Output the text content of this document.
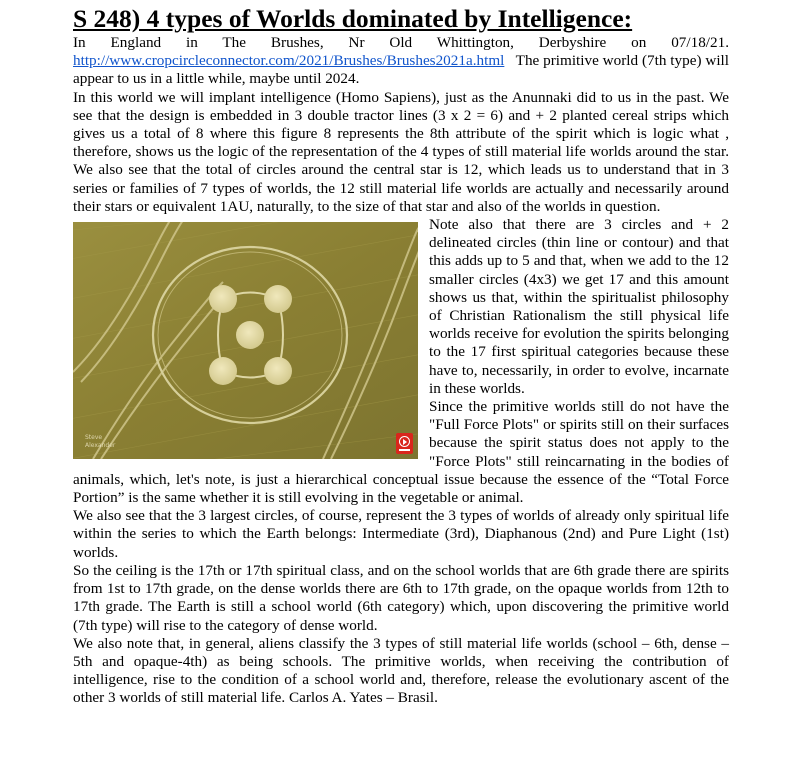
S 248) 4 types of Worlds dominated by Intelligence:

In England in The Brushes, Nr Old Whittington, Derbyshire on 07/18/21. http://www.cropcircleconnector.com/2021/Brushes/Brushes2021a.html The primitive world (7th type) will appear to us in a little while, maybe until 2024.

In this world we will implant intelligence (Homo Sapiens), just as the Anunnaki did to us in the past. We see that the design is embedded in 3 double tractor lines (3 x 2 = 6) and + 2 planted cereal strips which gives us a total of 8 where this figure 8 represents the 8th attribute of the spirit which is logic what , therefore, shows us the logic of the representation of the 4 types of still material life worlds around the star. We also see that the total of circles around the central star is 12, which leads us to understand that in 3 series or families of 7 types of worlds, the 12 still material life worlds are actually and necessarily around their stars or equivalent 1AU, naturally, to the size of that star and also of the worlds in question.

Steve
Alexander

Note also that there are 3 circles and + 2 delineated circles (thin line or contour) and that this adds up to 5 and that, when we add to the 12 smaller circles (4x3) we get 17 and this amount shows us that, within the spiritualist philosophy of Christian Rationalism the still physical life worlds receive for evolution the spirits belonging to the 17 first spiritual categories because these have to, necessarily, in order to evolve, incarnate in these worlds.

Since the primitive worlds still do not have the "Full Force Plots" or spirits still on their surfaces because the spirit status does not apply to the "Force Plots" still reincarnating in the bodies of animals, which, let's note, is just a hierarchical conceptual issue because the essence of the “Total Force Portion” is the same whether it is still evolving in the vegetable or animal.

We also see that the 3 largest circles, of course, represent the 3 types of worlds of already only spiritual life within the series to which the Earth belongs: Intermediate (3rd), Diaphanous (2nd) and Pure Light (1st) worlds.

So the ceiling is the 17th or 17th spiritual class, and on the school worlds that are 6th grade there are spirits from 1st to 17th grade, on the dense worlds there are 6th to 17th grade, on the opaque worlds from 12th to 17th grade. The Earth is still a school world (6th category) which, upon discovering the primitive world (7th type) will rise to the category of dense world.

We also note that, in general, aliens classify the 3 types of still material life worlds (school – 6th, dense – 5th and opaque-4th) as being schools. The primitive worlds, when receiving the contribution of intelligence, rise to the condition of a school world and, therefore, release the evolutionary ascent of the other 3 worlds of still material life. Carlos A. Yates – Brasil.
